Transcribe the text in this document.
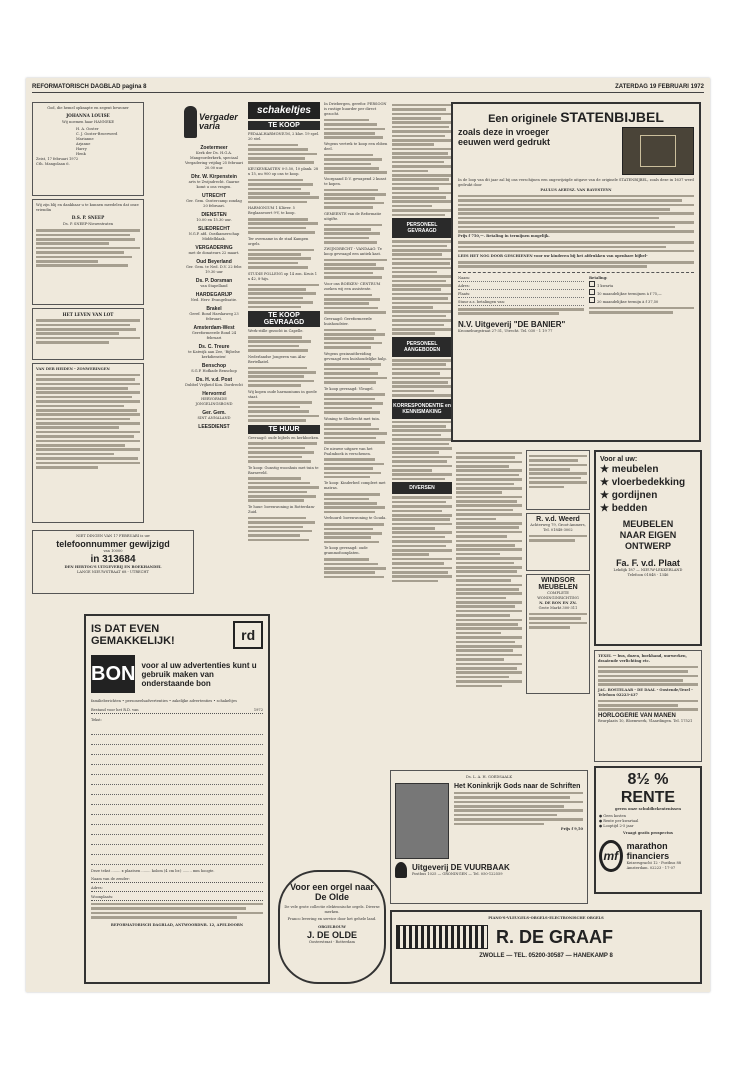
REFORMATORISCH DAGBLAD pagina 8	ZATERDAG 19 FEBRUARI 1972
God, die hemel opknapte en zegent bewoner
JOHANNA LOUISE
Wij noemen haar HANNEKE
H. A. Ooster
C. J. Ooster-Broerwerd
Marianne
Arjanne
Harry
Henk
Zeist, 17 februari 1972
Cth. Mangolaan 6.
Wij zijn blij en dankbaar u te kunnen meedelen dat onze vriendin
D.S. P. SNEEP
Ds. P. SNEEP-Nieuwstraten
HET LEVEN VAN LOT
VAN DER HEIDEN - ZONWERINGEN
NIET DINGEN VAN 17 FEBRUARI is uw
telefoonnummer gewijzigd
van 10000
in 313684
DEN HERTOG'S UITGEVERIJ EN BOEKHANDEL
LANGE NIEUWSTRAAT 68 - UTRECHT
Vergader varia
Zoetermeer
Kerk der Ds. H.G.A. Mangeorderkerk, speciaal Vergadering vrijdag 25 februari 20.00 uur.
Dhr. W. Kirpenstein
arts te Zwijndrecht. Gaarne komt u ons vragen.
UTRECHT
Ger. Gem. Oostercamp zondag 20 februari.
DIENSTEN
10.00 en 15.30 uur.
SLIEDRECHT
N.G.P. afd. Oostkamerschap Middelblaak.
VERGADERING
met de donateurs 22 maart.
Oud Beyerland
Ger. Gem. te Ned. D.V. 22 febr. 19.30 uur
Ds. P. Dorsman
van Stapelland
HARDEGARIJP
Ned. Herv. Evangelisatie.
Brakel
Geref. Bond Harskaweg 23 februari.
Amsterdam-West
Gereformeerde Bond 24 februari
Ds. C. Treure
te Katwijk aan Zee, 'Bijbelse kerkdiensten'
Benschop
S.G.P. Hofkade Benschop
Ds. H. v.d. Post
Dubbel Vrijheid Kon. Dordrecht
Hervormd
HERVORMDE JONGELINGSBOND
Ger. Gem.
SINT ANNALAND
LEESDIENST
schakeltjes
TE KOOP
PEDAALHARMONIUM, 2 klav. 19 spel. 20 stel.
KEUKENKASTEN 0-5.50, 10 plank. 28 x 15, nu 900 op ons te koop.
HARMONIUM 1 Kläver. 5 Beglaanvoert 9-V, te koop.
Ter overname in de stad Kampen orgels.
STUDIE POLLENG op 14 zon. Kruis 1 x 42, 8-hijs.
TE KOOP GEVRAAGD
Werk-stille gezocht in Capelle.
Nederlandse Jongeren van Alm-Bertelkatel.
Wij kopen oude harmoniums in goede staat.
TE HUUR
Gevraagd: oude bijbels en kerkboeken.
Te koop: Gunstig woonhuis met tuin te Barneveld.
Te huur: bovenwoning in Rotterdam-Zuid.
In Driebergen, gerefor. PERSOON is rustige huurder per direct gezocht.
Wegens vertrek te koop een ebben deel.
Voorgaand D.V. gewapend 2 kunst te kopen.
GEMEENTE van de Reformatie uitgifte.
ZWIJNDRECHT - VANDAAG: Te koop gevraagd een antiek kast.
Voor ons BOEKEN- CENTRUM zoeken wij een assistente.
Gevraagd: Gereformeerde huishoudster.
Wegens gezinsuitbreiding gevraagd een huishoudelijke hulp.
Te koop gevraagd: Vleugel.
Woning te Sliedrecht met tuin.
De nieuwe uitgave van het Psalmboek is verschenen.
Te koop: Kinderbed compleet met matras.
Verhuurd: bovenwoning te Gouda.
Te koop gevraagd: oude grammofoonplaten.
PERSONEEL GEVRAAGD
PERSONEEL AANGEBODEN
KORRESPONDENTIE en KENNISMAKING
DIVERSEN
Een originele STATENBIJBEL
zoals deze in vroeger
eeuwen werd gedrukt
In de loop van dit jaar zal bij ons verschijnen een ongewijzigde uitgave van de originele STATENBIJBEL, zoals deze in 1637 werd gedrukt door
PAULUS AERTSZ. VAN RAVESTEYN
Prijs f 750,—. Betaling in termijnen mogelijk.
LEES HET NOG DOOR GESCHIENEN voor uw kinderen bij het afdrukken van openbare bijbel-
Naam:
Adres:
Plaats:
Stuur a.s. betalingen van:
Betaling:
1 kwarta
10 maandelijkse termijnen à f 75,—
20 maandelijkse termijn à f 37,50
N.V. Uitgeverij "DE BANIER"
Krooneburgstraat 27-31, Utrecht. Tel. 030 - 1 19 77
R. v.d. Weerd
Achterweg 79, Groot-Ammers, Tel. 01848-3002
WINDSOR MEUBELEN
COMPLETE WONINGINRICHTING
N. DE RON EN ZN.
Grote Markt 300-311
Voor al uw:
★ meubelen
★ vloerbedekking
★ gordijnen
★ bedden
MEUBELEN
NAAR EIGEN
ONTWERP
Fa. F. v.d. Plaat
Lekdijk 187 — NIEUW-LEKKERLAND
Telefoon 01848 - 1346
TEXEL — bus, dozen, boekhand, uurwerken, draaiende verlichting etc.
JAC. BOSTELAAR - DE DAAL - Oostende/Texel - Telefoon 02223-437
HORLOGERIE VAN MANEN
Beurplaats 10, Bloemwerk, Vlaardingen. Tel. 17521
8½ % RENTE
geven onze schuldbekentenissen
● Geen kosten
● Rente per kwartaal
● Looptijd 2-5 jaar
Vraagt gratis prospectus
mf
marathon
financiers
Keizersgracht 12 - Postbus 88 Amsterdam. 02223 - 17-07
IS DAT EVEN GEMAKKELIJK!	rd
BON voor al uw advertenties kunt u gebruik maken van onderstaande bon
familieberichten • personeelsadvertenties • zakelijke advertenties • schakeltjes
Bestand voor het R.D. van	1972
Tekst:
Deze tekst ........ x plaatsen ........ kolom (4 cm br.) ........ mm hoogte.
Naam van de zender:
Adres:
Woonplaats:
REFORMATORISCH DAGBLAD, ANTWOORDNR. 12, APELDOORN
Voor een orgel naar De Olde
De vele grote collectie elektronische orgels. Diverse merken.
Franco levering en service door het gehele land.
ORGELBOUW
J. DE OLDE
Oosterstraat - Rotterdam
Ds. L. A. H. GOEDSAALK
Het Koninkrijk Gods naar de Schriften
Prijs f 9,50
Uitgeverij DE VUURBAAK
Postbus 1025 — GRONINGEN — Tel. 050-122559
PIANO'S-VLEUGELS-ORGELS-ELECTRONISCHE ORGELS
R. DE GRAAF
ZWOLLE — TEL. 05200-30587 — HANEKAMP 8
